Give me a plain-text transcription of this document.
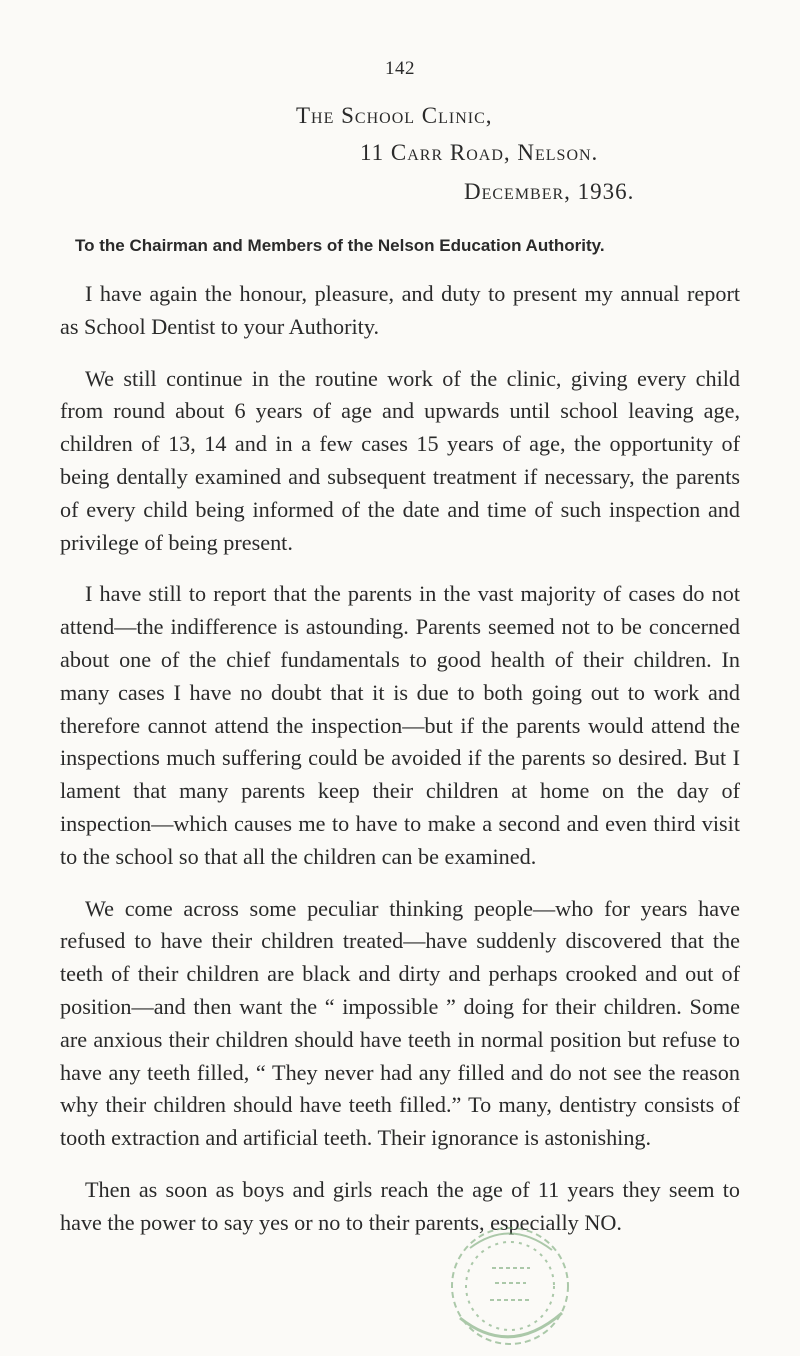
142
The School Clinic,
11 Carr Road, Nelson.
December, 1936.
To the Chairman and Members of the Nelson Education Authority.

I have again the honour, pleasure, and duty to present my annual report as School Dentist to your Authority.

We still continue in the routine work of the clinic, giving every child from round about 6 years of age and upwards until school leaving age, children of 13, 14 and in a few cases 15 years of age, the opportunity of being dentally examined and subsequent treatment if necessary, the parents of every child being informed of the date and time of such inspection and privilege of being present.

I have still to report that the parents in the vast majority of cases do not attend—the indifference is astounding. Parents seemed not to be concerned about one of the chief fundamentals to good health of their children. In many cases I have no doubt that it is due to both going out to work and therefore cannot attend the inspection—but if the parents would attend the inspections much suffering could be avoided if the parents so desired. But I lament that many parents keep their children at home on the day of inspection—which causes me to have to make a second and even third visit to the school so that all the children can be examined.

We come across some peculiar thinking people—who for years have refused to have their children treated—have suddenly discovered that the teeth of their children are black and dirty and perhaps crooked and out of position—and then want the “ impossible ” doing for their children. Some are anxious their children should have teeth in normal position but refuse to have any teeth filled, “ They never had any filled and do not see the reason why their children should have teeth filled.” To many, dentistry consists of tooth extraction and artificial teeth. Their ignorance is astonishing.

Then as soon as boys and girls reach the age of 11 years they seem to have the power to say yes or no to their parents, especially NO.
